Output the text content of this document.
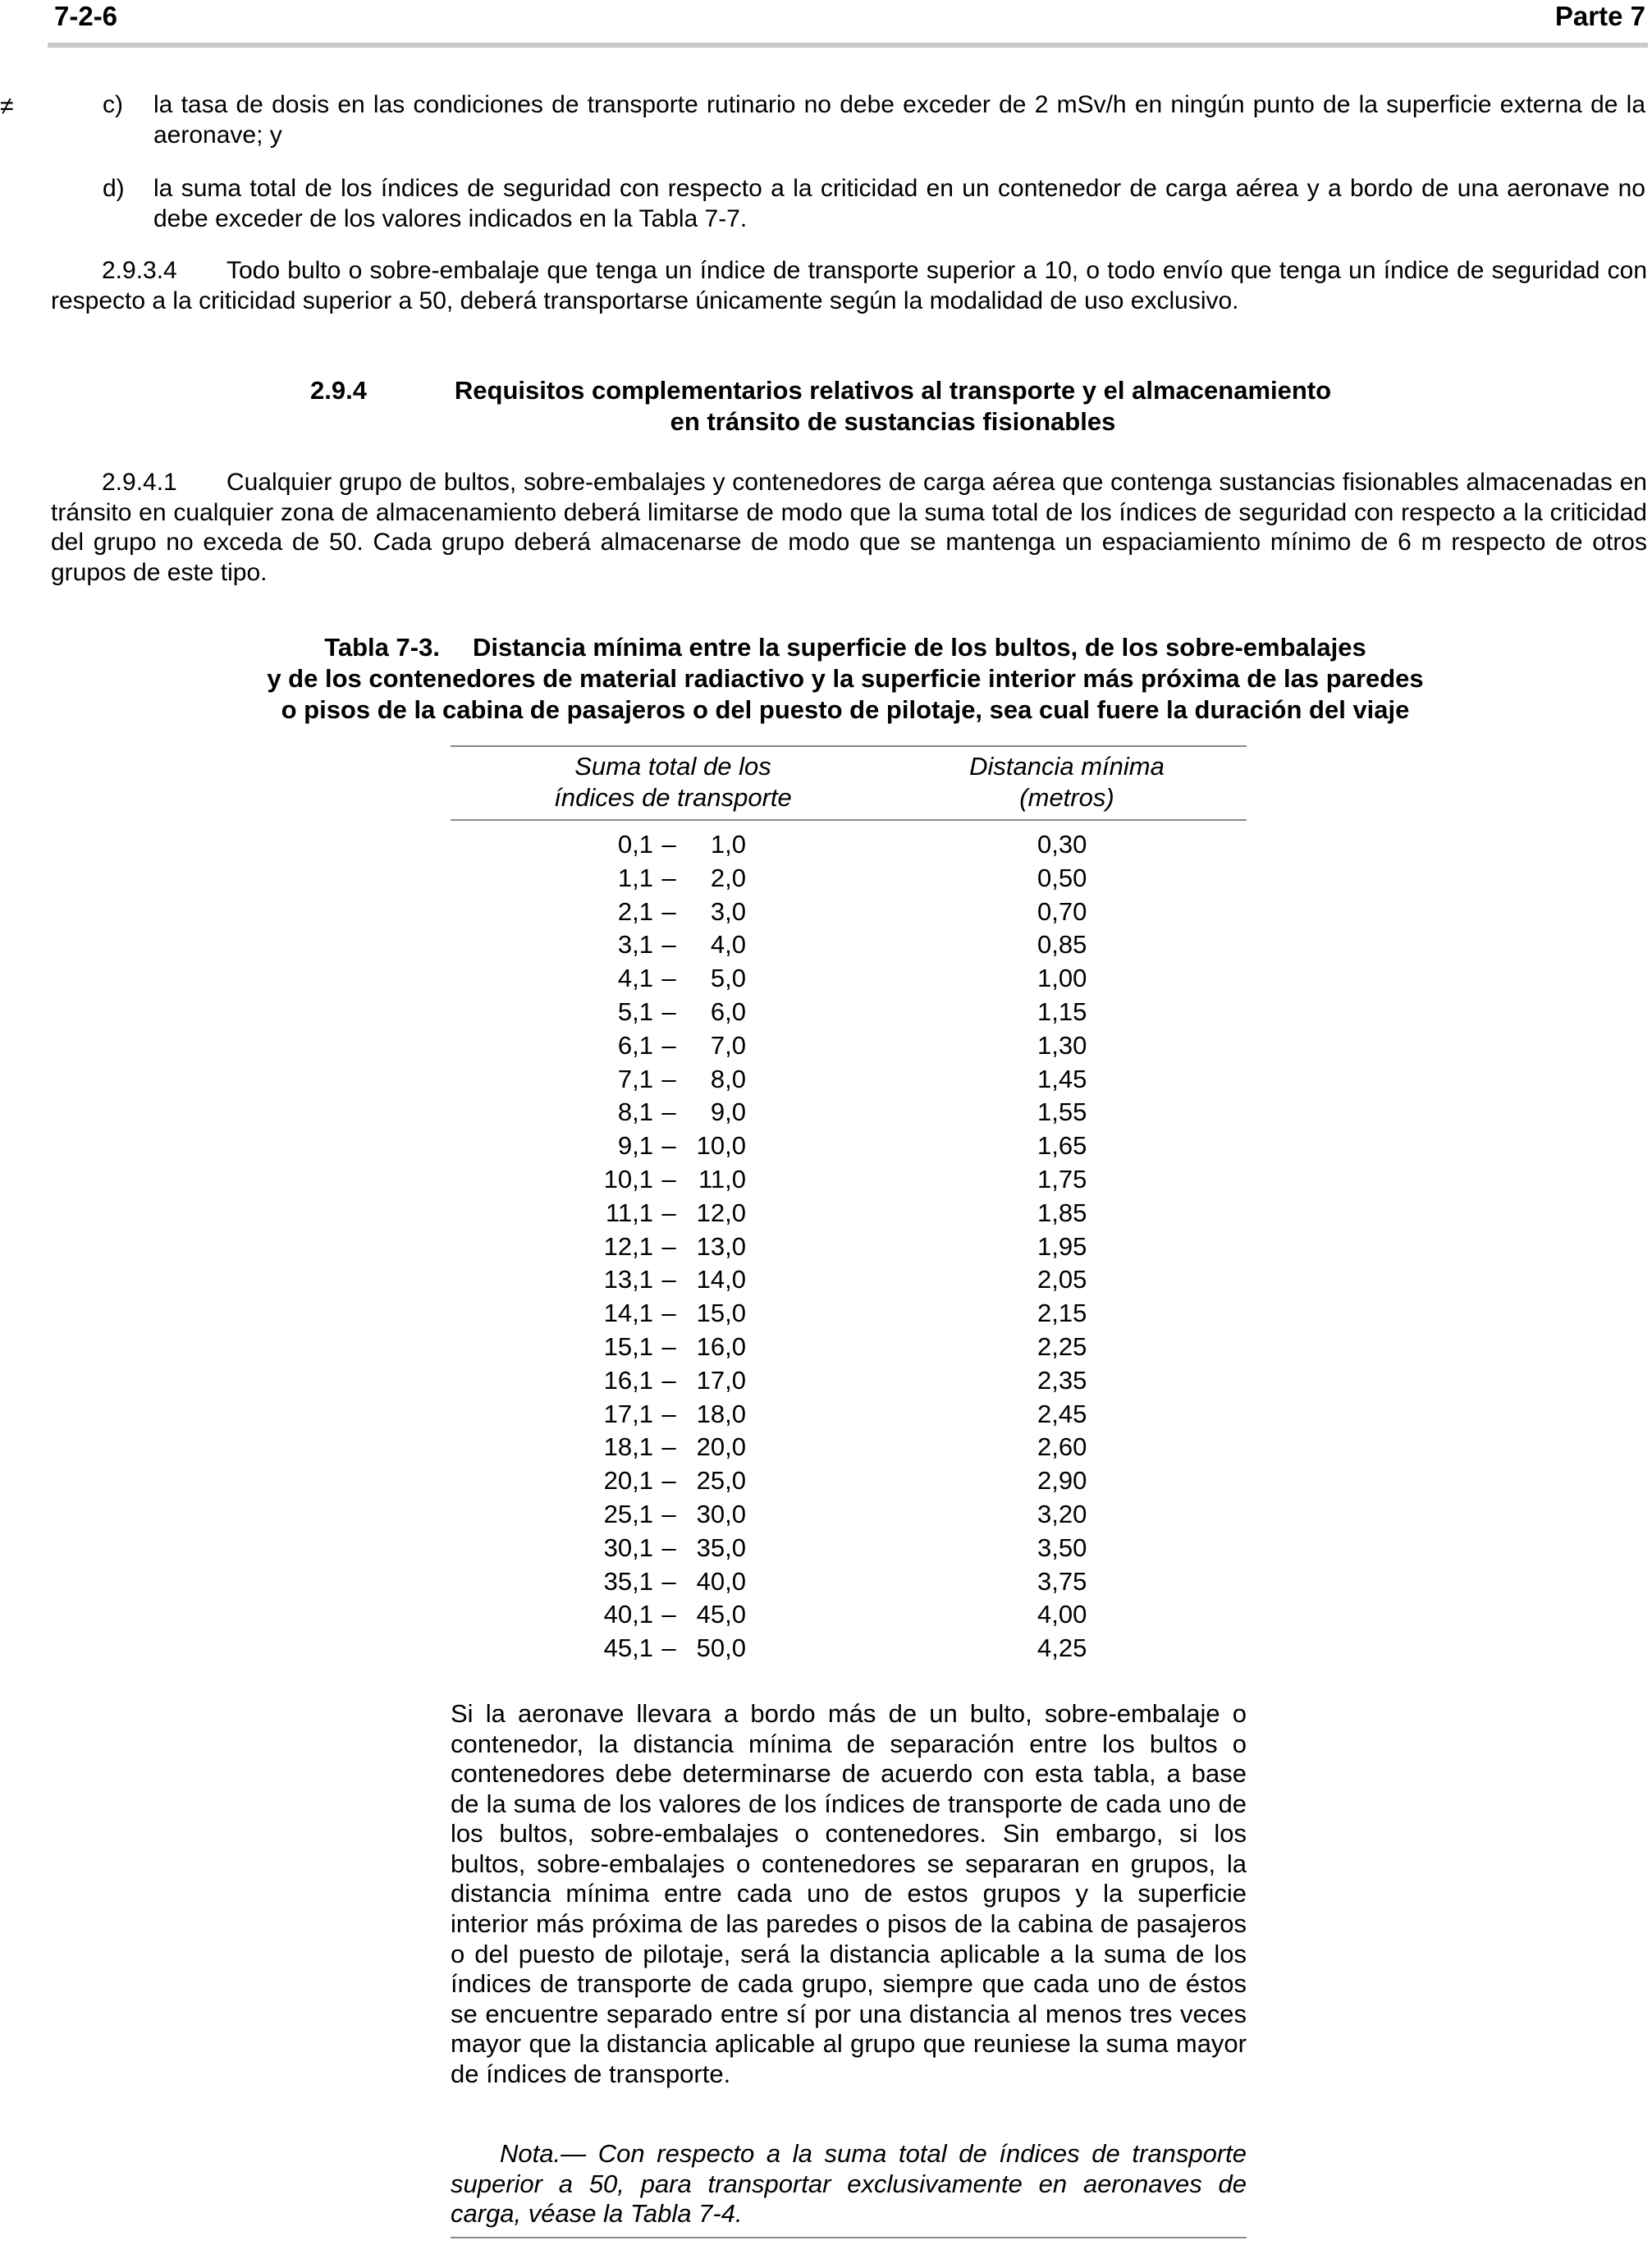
7-2-6	Parte 7
≠	c) la tasa de dosis en las condiciones de transporte rutinario no debe exceder de 2 mSv/h en ningún punto de la superficie externa de la aeronave; y
d) la suma total de los índices de seguridad con respecto a la criticidad en un contenedor de carga aérea y a bordo de una aeronave no debe exceder de los valores indicados en la Tabla 7-7.
2.9.3.4 Todo bulto o sobre-embalaje que tenga un índice de transporte superior a 10, o todo envío que tenga un índice de seguridad con respecto a la criticidad superior a 50, deberá transportarse únicamente según la modalidad de uso exclusivo.
2.9.4	Requisitos complementarios relativos al transporte y el almacenamiento
en tránsito de sustancias fisionables
2.9.4.1 Cualquier grupo de bultos, sobre-embalajes y contenedores de carga aérea que contenga sustancias fisionables almacenadas en tránsito en cualquier zona de almacenamiento deberá limitarse de modo que la suma total de los índices de seguridad con respecto a la criticidad del grupo no exceda de 50. Cada grupo deberá almacenarse de modo que se mantenga un espaciamiento mínimo de 6 m respecto de otros grupos de este tipo.
Tabla 7-3. Distancia mínima entre la superficie de los bultos, de los sobre-embalajes
y de los contenedores de material radiactivo y la superficie interior más próxima de las paredes
o pisos de la cabina de pasajeros o del puesto de pilotaje, sea cual fuere la duración del viaje
Suma total de los
índices de transporte
Distancia mínima
(metros)
0,1 – 1,0	0,30
1,1 – 2,0	0,50
2,1 – 3,0	0,70
3,1 – 4,0	0,85
4,1 – 5,0	1,00
5,1 – 6,0	1,15
6,1 – 7,0	1,30
7,1 – 8,0	1,45
8,1 – 9,0	1,55
9,1 – 10,0	1,65
10,1 – 11,0	1,75
11,1 – 12,0	1,85
12,1 – 13,0	1,95
13,1 – 14,0	2,05
14,1 – 15,0	2,15
15,1 – 16,0	2,25
16,1 – 17,0	2,35
17,1 – 18,0	2,45
18,1 – 20,0	2,60
20,1 – 25,0	2,90
25,1 – 30,0	3,20
30,1 – 35,0	3,50
35,1 – 40,0	3,75
40,1 – 45,0	4,00
45,1 – 50,0	4,25
Si la aeronave llevara a bordo más de un bulto, sobre-embalaje o contenedor, la distancia mínima de separación entre los bultos o contenedores debe determinarse de acuerdo con esta tabla, a base de la suma de los valores de los índices de transporte de cada uno de los bultos, sobre-embalajes o contenedores. Sin embargo, si los bultos, sobre-embalajes o contenedores se separaran en grupos, la distancia mínima entre cada uno de estos grupos y la superficie interior más próxima de las paredes o pisos de la cabina de pasajeros o del puesto de pilotaje, será la distancia aplicable a la suma de los índices de transporte de cada grupo, siempre que cada uno de éstos se encuentre separado entre sí por una distancia al menos tres veces mayor que la distancia aplicable al grupo que reuniese la suma mayor de índices de transporte.
Nota.— Con respecto a la suma total de índices de transporte superior a 50, para transportar exclusivamente en aeronaves de carga, véase la Tabla 7-4.
